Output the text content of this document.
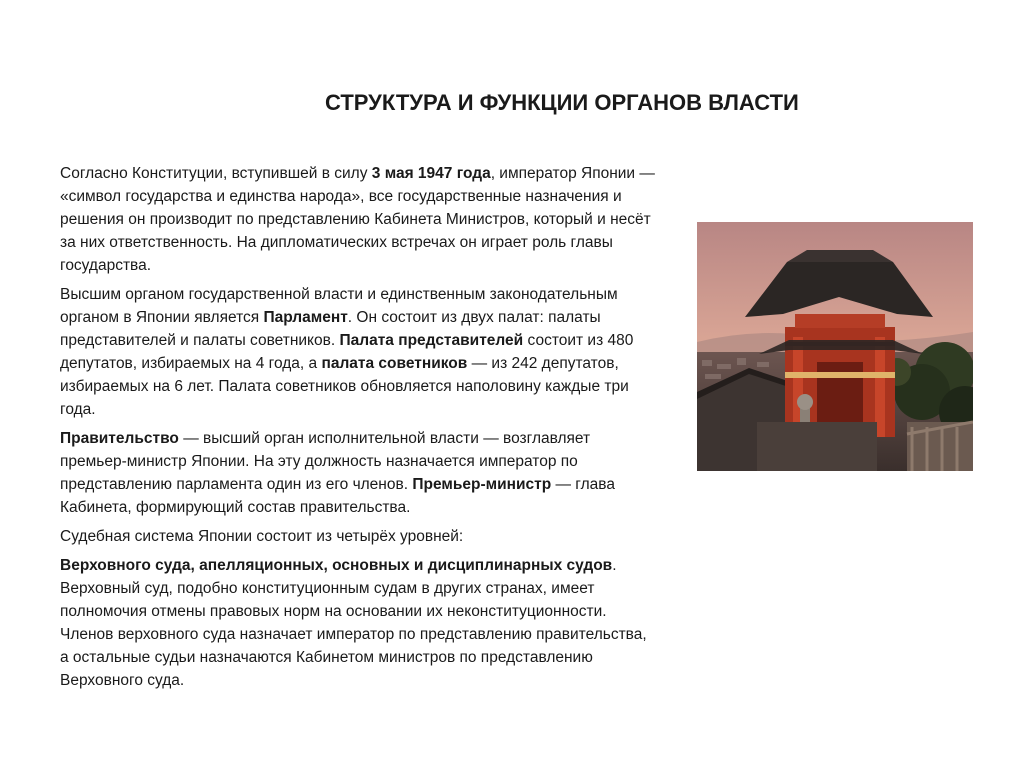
СТРУКТУРА И ФУНКЦИИ ОРГАНОВ ВЛАСТИ

Согласно Конституции, вступившей в силу 3 мая 1947 года, император Японии — «символ государства и единства народа», все государственные назначения и решения он производит по представлению Кабинета Министров, который и несёт за них ответственность. На дипломатических встречах он играет роль главы государства.

Высшим органом государственной власти и единственным законодательным органом в Японии является Парламент. Он состоит из двух палат: палаты представителей и палаты советников. Палата представителей состоит из 480 депутатов, избираемых на 4 года, а палата советников — из 242 депутатов, избираемых на 6 лет. Палата советников обновляется наполовину каждые три года.

Правительство — высший орган исполнительной власти — возглавляет премьер-министр Японии. На эту должность назначается император по представлению парламента один из его членов. Премьер-министр — глава Кабинета, формирующий состав правительства.

Судебная система Японии состоит из четырёх уровней:

Верховного суда, апелляционных, основных и дисциплинарных судов. Верховный суд, подобно конституционным судам в других странах, имеет полномочия отмены правовых норм на основании их неконституционности. Членов верховного суда назначает император по представлению правительства, а остальные судьи назначаются Кабинетом министров по представлению Верховного суда.
